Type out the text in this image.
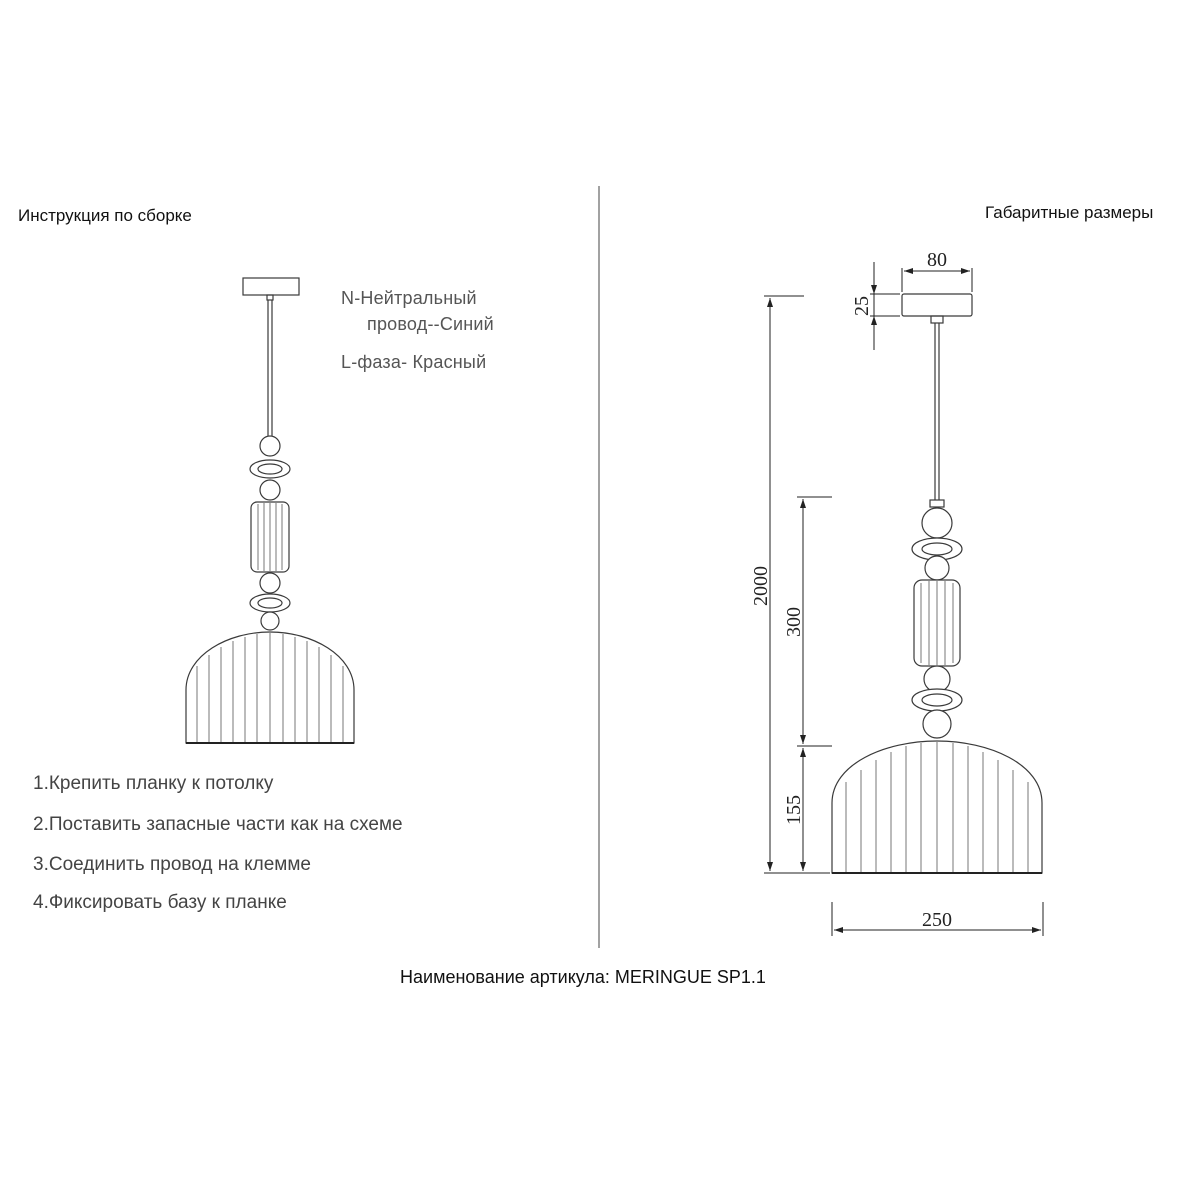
Инструкция по сборке	Габаритные размеры
N-Нейтральный
провод--Синий
L-фаза- Красный
1.Крепить планку к потолку
2.Поставить запасные части как на схеме
3.Соединить провод на клемме
4.Фиксировать базу к планке
Наименование артикула: MERINGUE SP1.1
80
25
2000
300
155
250
